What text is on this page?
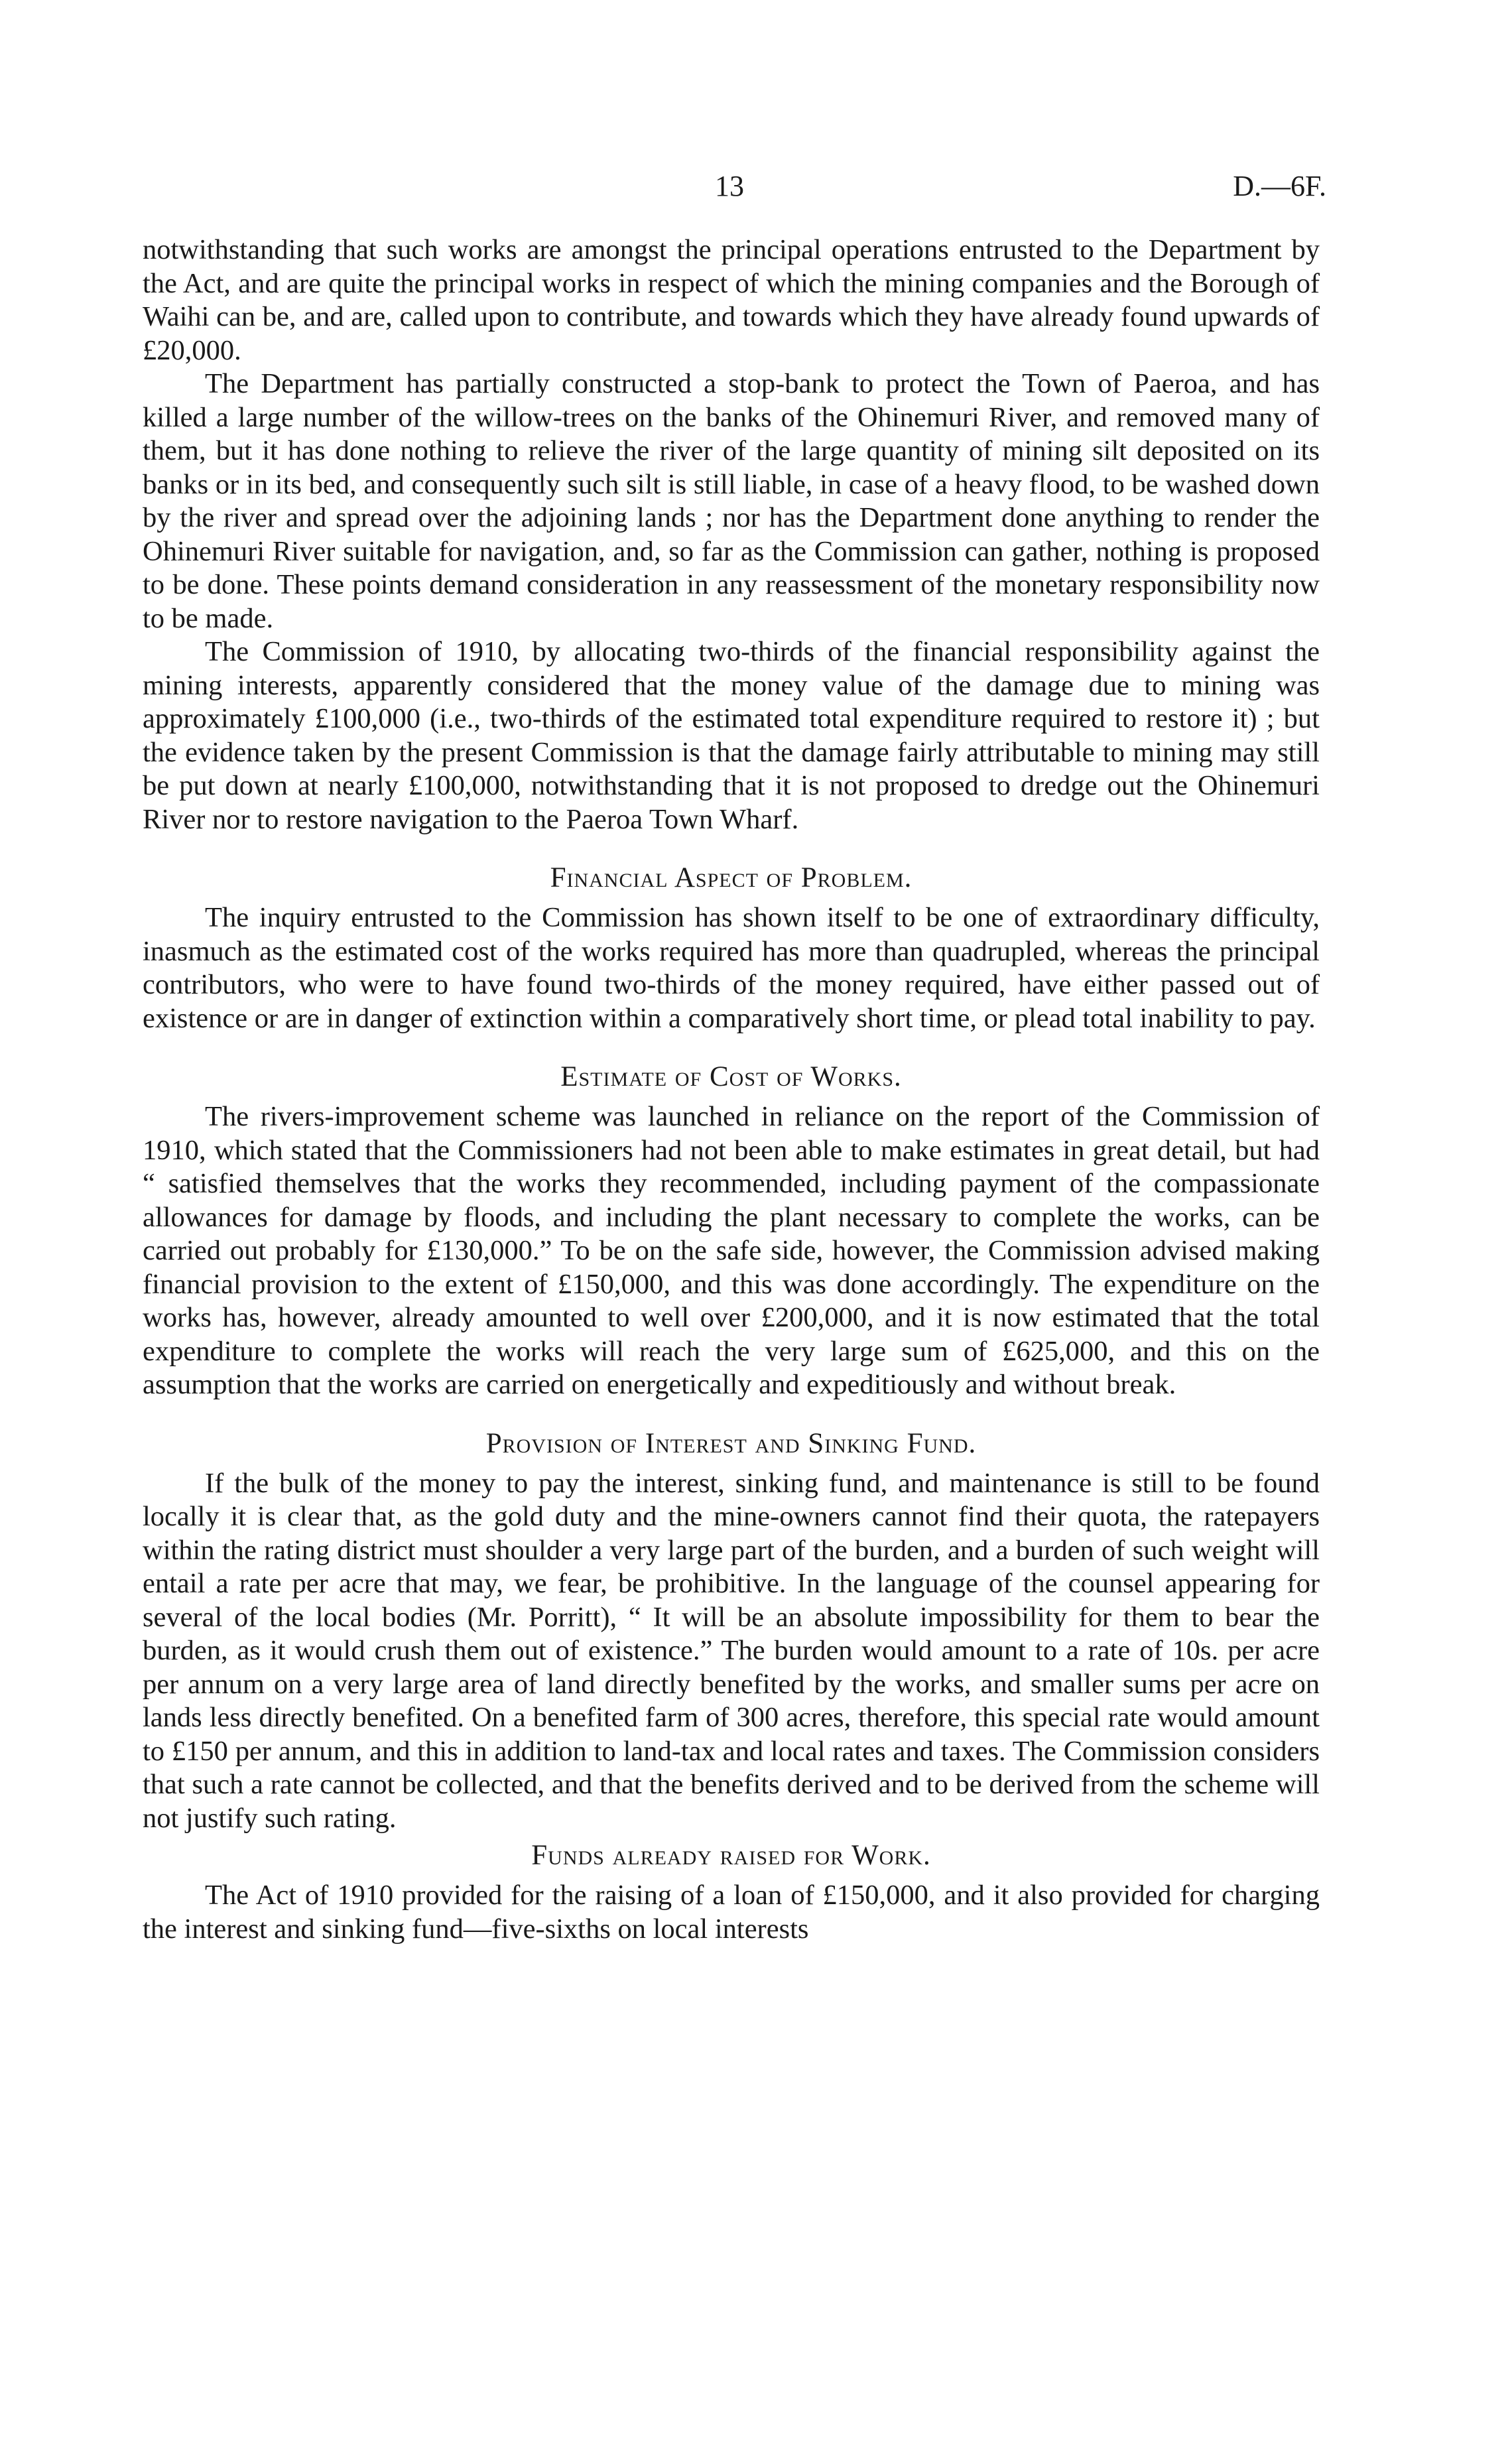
13	D.—6F.

notwithstanding that such works are amongst the principal operations entrusted to the Department by the Act, and are quite the principal works in respect of which the mining companies and the Borough of Waihi can be, and are, called upon to contribute, and towards which they have already found upwards of £20,000.

The Department has partially constructed a stop-bank to protect the Town of Paeroa, and has killed a large number of the willow-trees on the banks of the Ohinemuri River, and removed many of them, but it has done nothing to relieve the river of the large quantity of mining silt deposited on its banks or in its bed, and consequently such silt is still liable, in case of a heavy flood, to be washed down by the river and spread over the adjoining lands ; nor has the Department done anything to render the Ohinemuri River suitable for navigation, and, so far as the Commission can gather, nothing is proposed to be done. These points demand consideration in any reassessment of the monetary responsibility now to be made.

The Commission of 1910, by allocating two-thirds of the financial responsibility against the mining interests, apparently considered that the money value of the damage due to mining was approximately £100,000 (i.e., two-thirds of the estimated total expenditure required to restore it) ; but the evidence taken by the present Commission is that the damage fairly attributable to mining may still be put down at nearly £100,000, notwithstanding that it is not proposed to dredge out the Ohinemuri River nor to restore navigation to the Paeroa Town Wharf.

Financial Aspect of Problem.

The inquiry entrusted to the Commission has shown itself to be one of extraordinary difficulty, inasmuch as the estimated cost of the works required has more than quadrupled, whereas the principal contributors, who were to have found two-thirds of the money required, have either passed out of existence or are in danger of extinction within a comparatively short time, or plead total inability to pay.

Estimate of Cost of Works.

The rivers-improvement scheme was launched in reliance on the report of the Commission of 1910, which stated that the Commissioners had not been able to make estimates in great detail, but had “ satisfied themselves that the works they recommended, including payment of the compassionate allowances for damage by floods, and including the plant necessary to complete the works, can be carried out probably for £130,000.” To be on the safe side, however, the Commission advised making financial provision to the extent of £150,000, and this was done accordingly. The expenditure on the works has, however, already amounted to well over £200,000, and it is now estimated that the total expenditure to complete the works will reach the very large sum of £625,000, and this on the assumption that the works are carried on energetically and expeditiously and without break.

Provision of Interest and Sinking Fund.

If the bulk of the money to pay the interest, sinking fund, and maintenance is still to be found locally it is clear that, as the gold duty and the mine-owners cannot find their quota, the ratepayers within the rating district must shoulder a very large part of the burden, and a burden of such weight will entail a rate per acre that may, we fear, be prohibitive. In the language of the counsel appearing for several of the local bodies (Mr. Porritt), “ It will be an absolute impossibility for them to bear the burden, as it would crush them out of existence.” The burden would amount to a rate of 10s. per acre per annum on a very large area of land directly benefited by the works, and smaller sums per acre on lands less directly benefited. On a benefited farm of 300 acres, therefore, this special rate would amount to £150 per annum, and this in addition to land-tax and local rates and taxes. The Commission considers that such a rate cannot be collected, and that the benefits derived and to be derived from the scheme will not justify such rating.

Funds already raised for Work.

The Act of 1910 provided for the raising of a loan of £150,000, and it also provided for charging the interest and sinking fund—five-sixths on local interests
